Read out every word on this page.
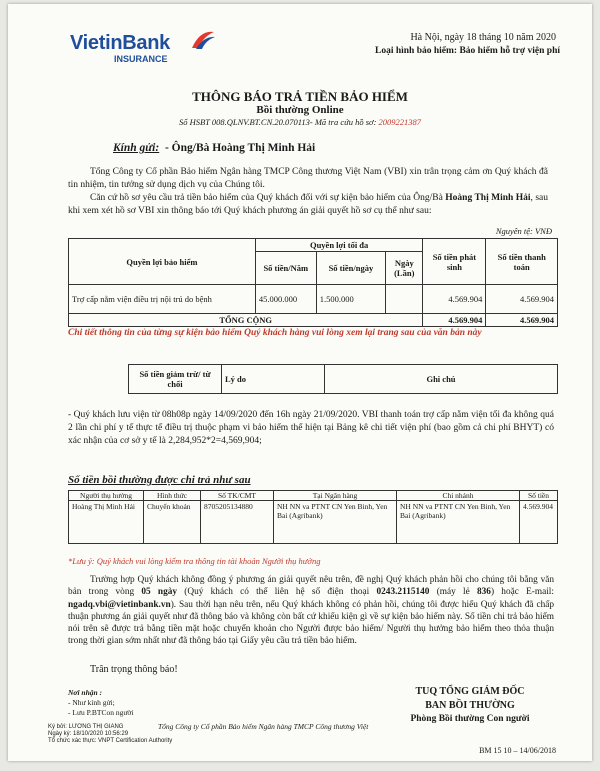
VietinBank
INSURANCE
Hà Nội, ngày 18 tháng 10 năm 2020
Loại hình bảo hiểm: Bảo hiểm hỗ trợ viện phí
THÔNG BÁO TRẢ TIỀN BẢO HIỂM
Bồi thường Online
Số HSBT 008.QLNV.BT.CN.20.070113- Mã tra cứu hồ sơ: 2009221387
Kính gửi: - Ông/Bà Hoàng Thị Minh Hải
Tổng Công ty Cổ phần Bảo hiểm Ngân hàng TMCP Công thương Việt Nam (VBI) xin trân trọng cảm ơn Quý khách đã tin nhiệm, tin tưởng sử dụng dịch vụ của Chúng tôi.
Căn cứ hồ sơ yêu cầu trả tiền bảo hiểm của Quý khách đối với sự kiện bảo hiểm của Ông/Bà Hoàng Thị Minh Hải, sau khi xem xét hồ sơ VBI xin thông báo tới Quý khách phương án giải quyết hồ sơ cụ thể như sau:
Nguyên tệ: VNĐ
Quyền lợi bảo hiểm	Quyền lợi tối đa			Số tiền phát sinh	Số tiền thanh toán
	Số tiền/Năm	Số tiền/ngày	Ngày (Lần)		
Trợ cấp nằm viện điều trị nội trú do bệnh	45.000.000	1.500.000		4.569.904	4.569.904
TỔNG CỘNG				4.569.904	4.569.904
Chi tiết thông tin của từng sự kiện bảo hiểm Quý khách hàng vui lòng xem lại trang sau của văn bản này
Số tiền giảm trừ/ từ chối	Lý do	Ghi chú
- Quý khách lưu viện từ 08h08p ngày 14/09/2020 đến 16h ngày 21/09/2020. VBI thanh toán trợ cấp nằm viện tối đa không quá 2 lần chi phí y tế thực tế điều trị thuộc phạm vi bảo hiểm thể hiện tại Bảng kê chi tiết viện phí (bao gồm cả chi phí BHYT) có xác nhận của cơ sở y tế là 2,284,952*2=4,569,904;
Số tiền bồi thường được chi trả như sau
Người thụ hưởng	Hình thức	Số TK/CMT	Tại Ngân hàng	Chi nhánh	Số tiền
Hoàng Thị Minh Hải	Chuyển khoản	8705205134880	NH NN va PTNT CN Yen Binh, Yen Bai (Agribank)	NH NN va PTNT CN Yen Binh, Yen Bai (Agribank)	4.569.904
*Lưu ý: Quý khách vui lòng kiểm tra thông tin tài khoản Người thụ hưởng
Trường hợp Quý khách không đồng ý phương án giải quyết nêu trên, đề nghị Quý khách phản hồi cho chúng tôi bằng văn bản trong vòng 05 ngày (Quý khách có thể liên hệ số điện thoại 0243.2115140 (máy lẻ 836) hoặc E-mail: ngadq.vbi@vietinbank.vn). Sau thời hạn nêu trên, nếu Quý khách không có phản hồi, chúng tôi được hiểu Quý khách đã chấp thuận phương án giải quyết như đã thông báo và không còn bất cứ khiếu kiện gì về sự kiện bảo hiểm này. Số tiền chi trả bảo hiểm nói trên sẽ được trả bằng tiền mặt hoặc chuyển khoản cho Người được bảo hiểm/ Người thụ hưởng bảo hiểm theo thỏa thuận trong thời gian sớm nhất như đã thông báo tại Giấy yêu cầu trả tiền bảo hiểm.
Trân trọng thông báo!
Nơi nhận :
- Như kính gửi;
- Lưu P.BTCon người
TUQ TỔNG GIÁM ĐỐC
BAN BỒI THƯỜNG
Phòng Bồi thường Con người
Ký bởi: LƯƠNG THỊ GIANG
Ngày ký: 18/10/2020 10:56:29
Tổ chức xác thực: VNPT Certification Authority
Tổng Công ty Cổ phần Bảo hiểm Ngân hàng TMCP Công thương Việt
BM 15 10 – 14/06/2018
